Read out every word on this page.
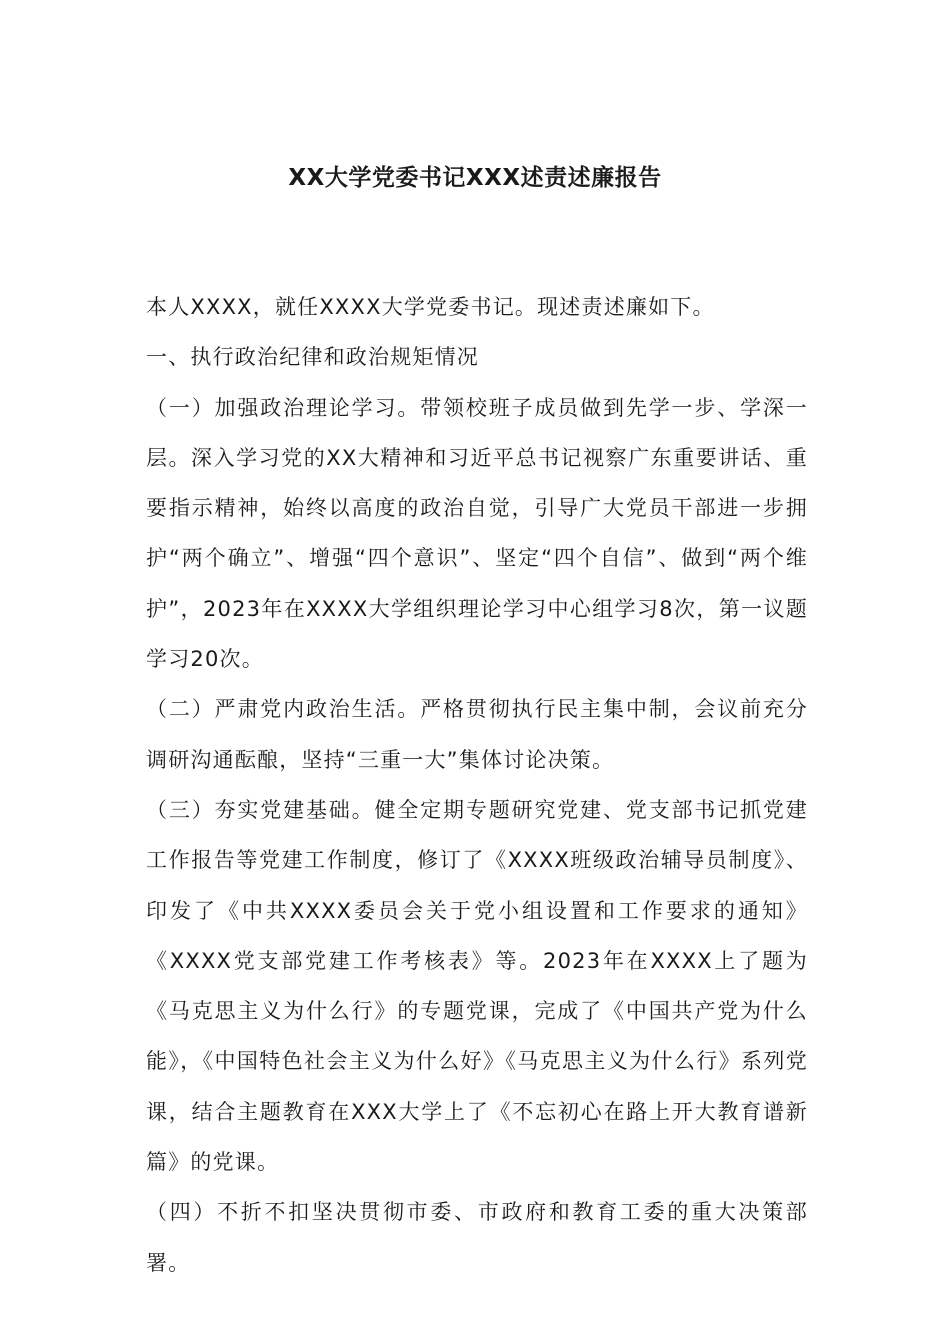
XX大学党委书记XXX述责述廉报告

本人XXXX，就任XXXX大学党委书记。现述责述廉如下。

一、执行政治纪律和政治规矩情况

（一）加强政治理论学习。带领校班子成员做到先学一步、学深一层。深入学习党的XX大精神和习近平总书记视察广东重要讲话、重要指示精神，始终以高度的政治自觉，引导广大党员干部进一步拥护“两个确立”、增强“四个意识”、坚定“四个自信”、做到“两个维护”，2023年在XXXX大学组织理论学习中心组学习8次，第一议题学习20次。

（二）严肃党内政治生活。严格贯彻执行民主集中制，会议前充分调研沟通酝酿，坚持“三重一大”集体讨论决策。

（三）夯实党建基础。健全定期专题研究党建、党支部书记抓党建工作报告等党建工作制度，修订了《XXXX班级政治辅导员制度》、印发了《中共XXXX委员会关于党小组设置和工作要求的通知》《XXXX党支部党建工作考核表》等。2023年在XXXX上了题为《马克思主义为什么行》的专题党课，完成了《中国共产党为什么能》，《中国特色社会主义为什么好》《马克思主义为什么行》系列党课，结合主题教育在XXX大学上了《不忘初心在路上开大教育谱新篇》的党课。

（四）不折不扣坚决贯彻市委、市政府和教育工委的重大决策部署。
